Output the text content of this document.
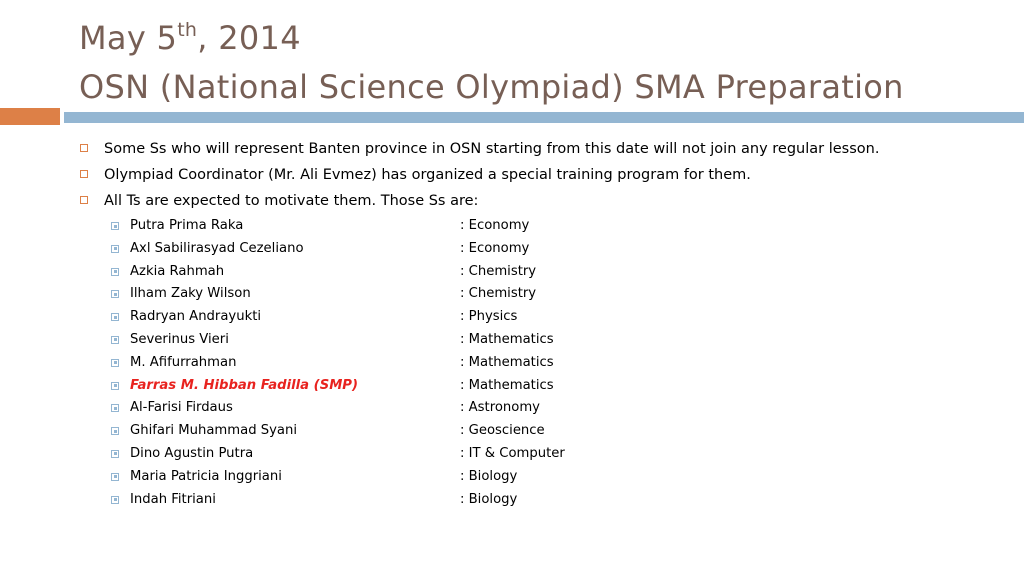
May 5th, 2014
OSN (National Science Olympiad) SMA Preparation
Some Ss who will represent Banten province in OSN starting from this date will not join any regular lesson.
Olympiad Coordinator (Mr. Ali Evmez) has organized a special training program for them.
All Ts are expected to motivate them. Those Ss are:
Putra Prima Raka	: Economy
Axl Sabilirasyad Cezeliano	: Economy
Azkia Rahmah	: Chemistry
Ilham Zaky Wilson	: Chemistry
Radryan Andrayukti	: Physics
Severinus Vieri	: Mathematics
M. Afifurrahman	: Mathematics
Farras M. Hibban Fadilla (SMP)	: Mathematics
Al-Farisi Firdaus	: Astronomy
Ghifari Muhammad Syani	: Geoscience
Dino Agustin Putra	: IT & Computer
Maria Patricia Inggriani	: Biology
Indah Fitriani	: Biology
